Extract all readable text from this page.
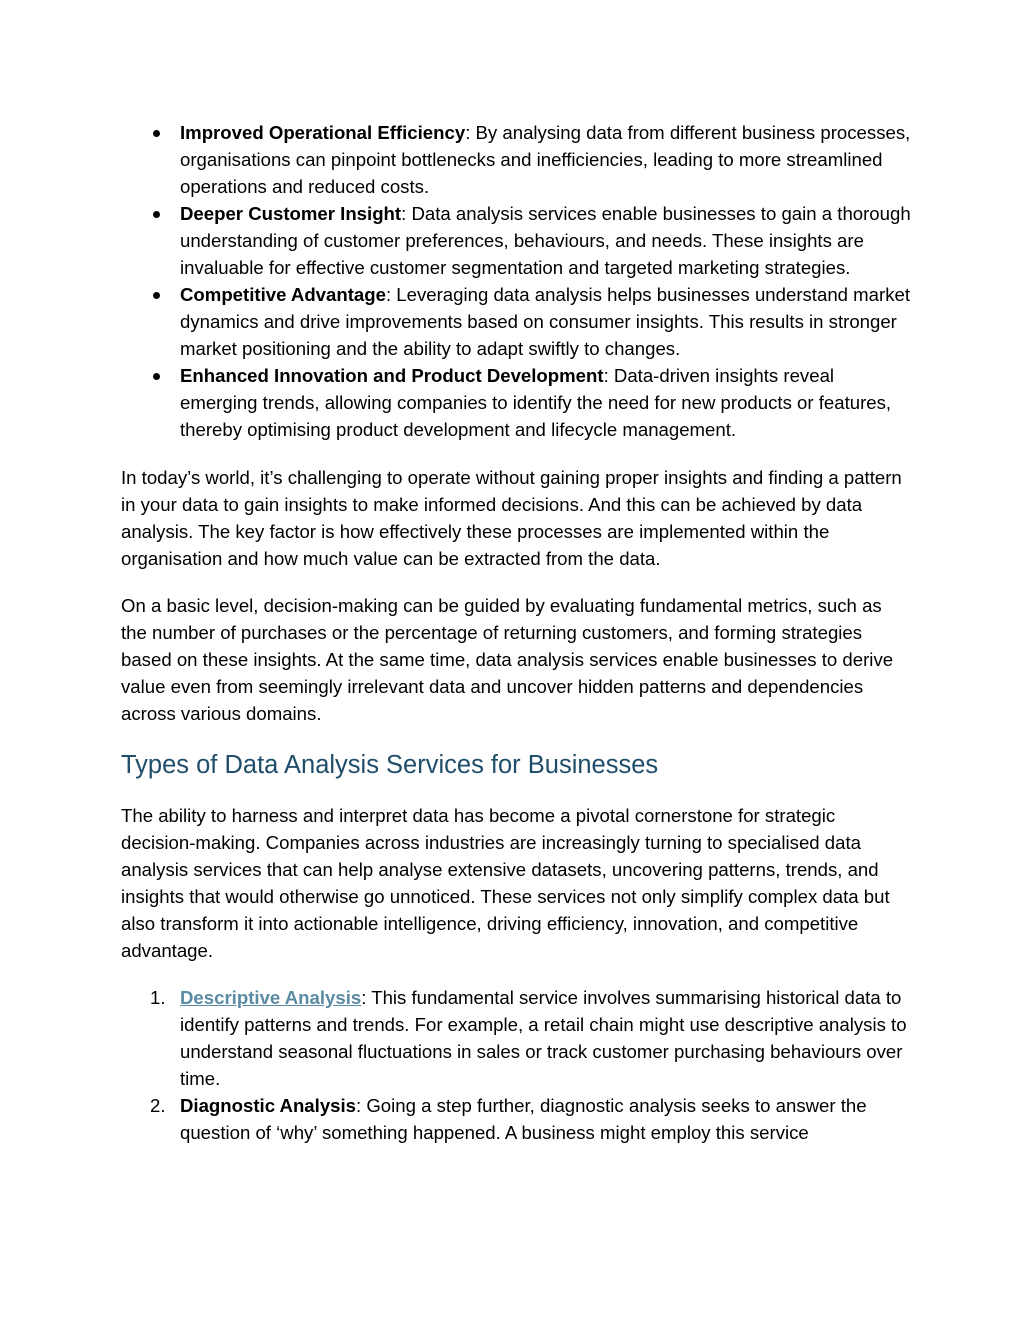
Improved Operational Efficiency: By analysing data from different business processes, organisations can pinpoint bottlenecks and inefficiencies, leading to more streamlined operations and reduced costs.
Deeper Customer Insight: Data analysis services enable businesses to gain a thorough understanding of customer preferences, behaviours, and needs. These insights are invaluable for effective customer segmentation and targeted marketing strategies.
Competitive Advantage: Leveraging data analysis helps businesses understand market dynamics and drive improvements based on consumer insights. This results in stronger market positioning and the ability to adapt swiftly to changes.
Enhanced Innovation and Product Development: Data-driven insights reveal emerging trends, allowing companies to identify the need for new products or features, thereby optimising product development and lifecycle management.

In today’s world, it’s challenging to operate without gaining proper insights and finding a pattern in your data to gain insights to make informed decisions. And this can be achieved by data analysis. The key factor is how effectively these processes are implemented within the organisation and how much value can be extracted from the data.

On a basic level, decision-making can be guided by evaluating fundamental metrics, such as the number of purchases or the percentage of returning customers, and forming strategies based on these insights. At the same time, data analysis services enable businesses to derive value even from seemingly irrelevant data and uncover hidden patterns and dependencies across various domains.

Types of Data Analysis Services for Businesses

The ability to harness and interpret data has become a pivotal cornerstone for strategic decision-making. Companies across industries are increasingly turning to specialised data analysis services that can help analyse extensive datasets, uncovering patterns, trends, and insights that would otherwise go unnoticed. These services not only simplify complex data but also transform it into actionable intelligence, driving efficiency, innovation, and competitive advantage.

1. Descriptive Analysis: This fundamental service involves summarising historical data to identify patterns and trends. For example, a retail chain might use descriptive analysis to understand seasonal fluctuations in sales or track customer purchasing behaviours over time.
2. Diagnostic Analysis: Going a step further, diagnostic analysis seeks to answer the question of ‘why’ something happened. A business might employ this service
